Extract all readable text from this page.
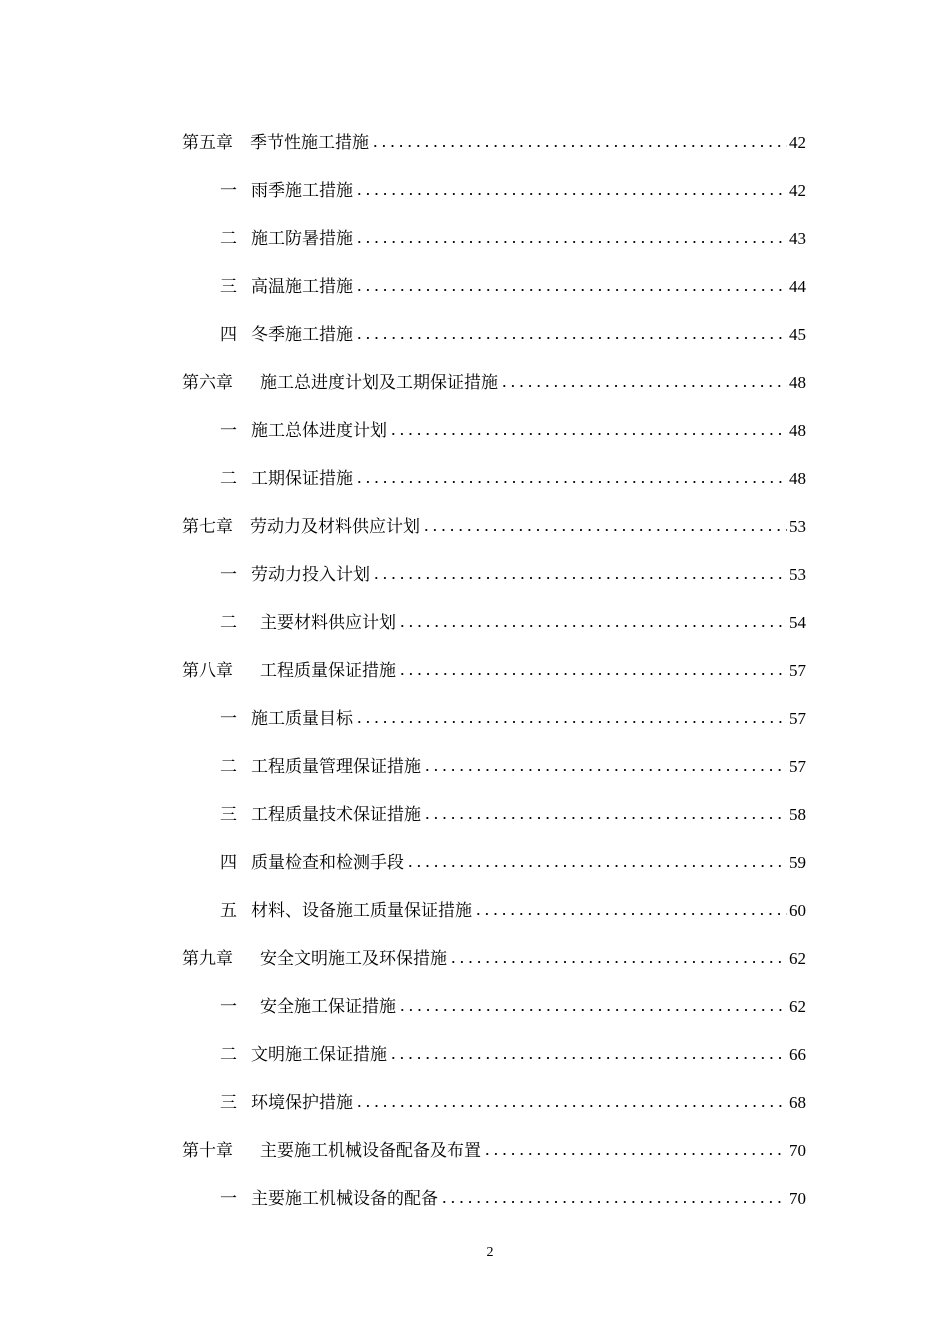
第五章	季节性施工措施	42
一 雨季施工措施	42
二 施工防暑措施	43
三 高温施工措施	44
四 冬季施工措施	45
第六章	施工总进度计划及工期保证措施	48
一 施工总体进度计划	48
二 工期保证措施	48
第七章	劳动力及材料供应计划	53
一 劳动力投入计划	53
二	主要材料供应计划	54
第八章	工程质量保证措施	57
一 施工质量目标	57
二 工程质量管理保证措施	57
三 工程质量技术保证措施	58
四 质量检查和检测手段	59
五 材料、设备施工质量保证措施	60
第九章	安全文明施工及环保措施	62
一	安全施工保证措施	62
二 文明施工保证措施	66
三 环境保护措施	68
第十章	主要施工机械设备配备及布置	70
一 主要施工机械设备的配备	70
2
